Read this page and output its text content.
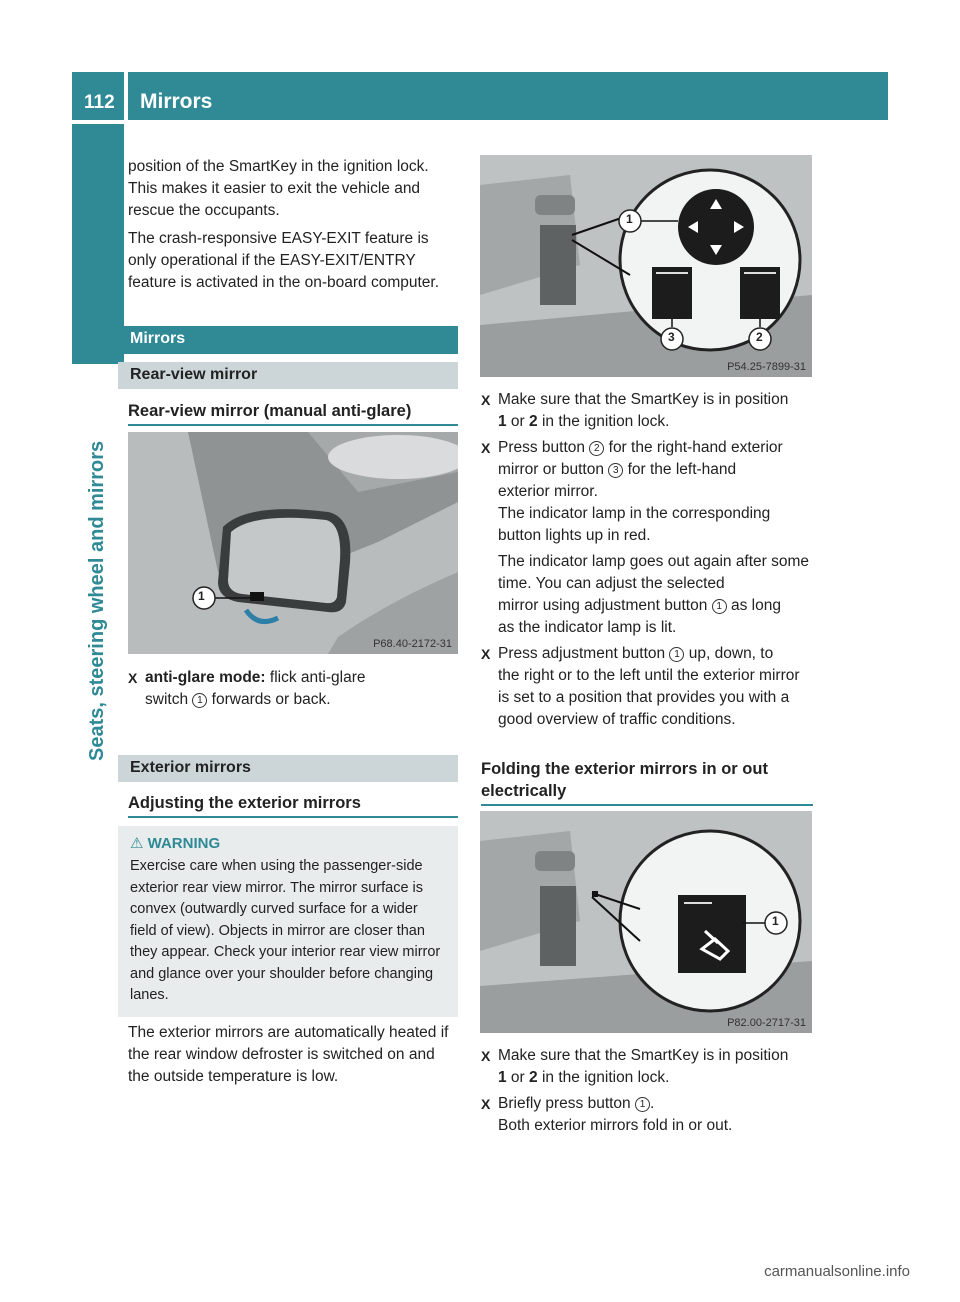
112 Mirrors
Seats, steering wheel and mirrors

position of the SmartKey in the ignition lock. This makes it easier to exit the vehicle and rescue the occupants.

The crash-responsive EASY-EXIT feature is only operational if the EASY-EXIT/ENTRY feature is activated in the on-board computer.

Mirrors
Rear-view mirror
Rear-view mirror (manual anti-glare)
1
P68.40-2172-31

X anti-glare mode: flick anti-glare
switch 1 forwards or back.

Exterior mirrors
Adjusting the exterior mirrors
⚠ WARNING

Exercise care when using the passenger-side exterior rear view mirror. The mirror surface is convex (outwardly curved surface for a wider field of view). Objects in mirror are closer than they appear. Check your interior rear view mirror and glance over your shoulder before changing lanes.

The exterior mirrors are automatically heated if the rear window defroster is switched on and the outside temperature is low.

1
3	2
P54.25-7899-31

X Make sure that the SmartKey is in position
1 or 2 in the ignition lock.

X Press button 2 for the right-hand exterior
mirror or button 3 for the left-hand
exterior mirror.
The indicator lamp in the corresponding button lights up in red.

The indicator lamp goes out again after some time. You can adjust the selected
mirror using adjustment button 1 as long
as the indicator lamp is lit.

X Press adjustment button 1 up, down, to
the right or to the left until the exterior mirror is set to a position that provides you with a good overview of traffic conditions.

Folding the exterior mirrors in or out electrically
1
P82.00-2717-31

X Make sure that the SmartKey is in position
1 or 2 in the ignition lock.

X Briefly press button 1 .
Both exterior mirrors fold in or out.

carmanualsonline.info
